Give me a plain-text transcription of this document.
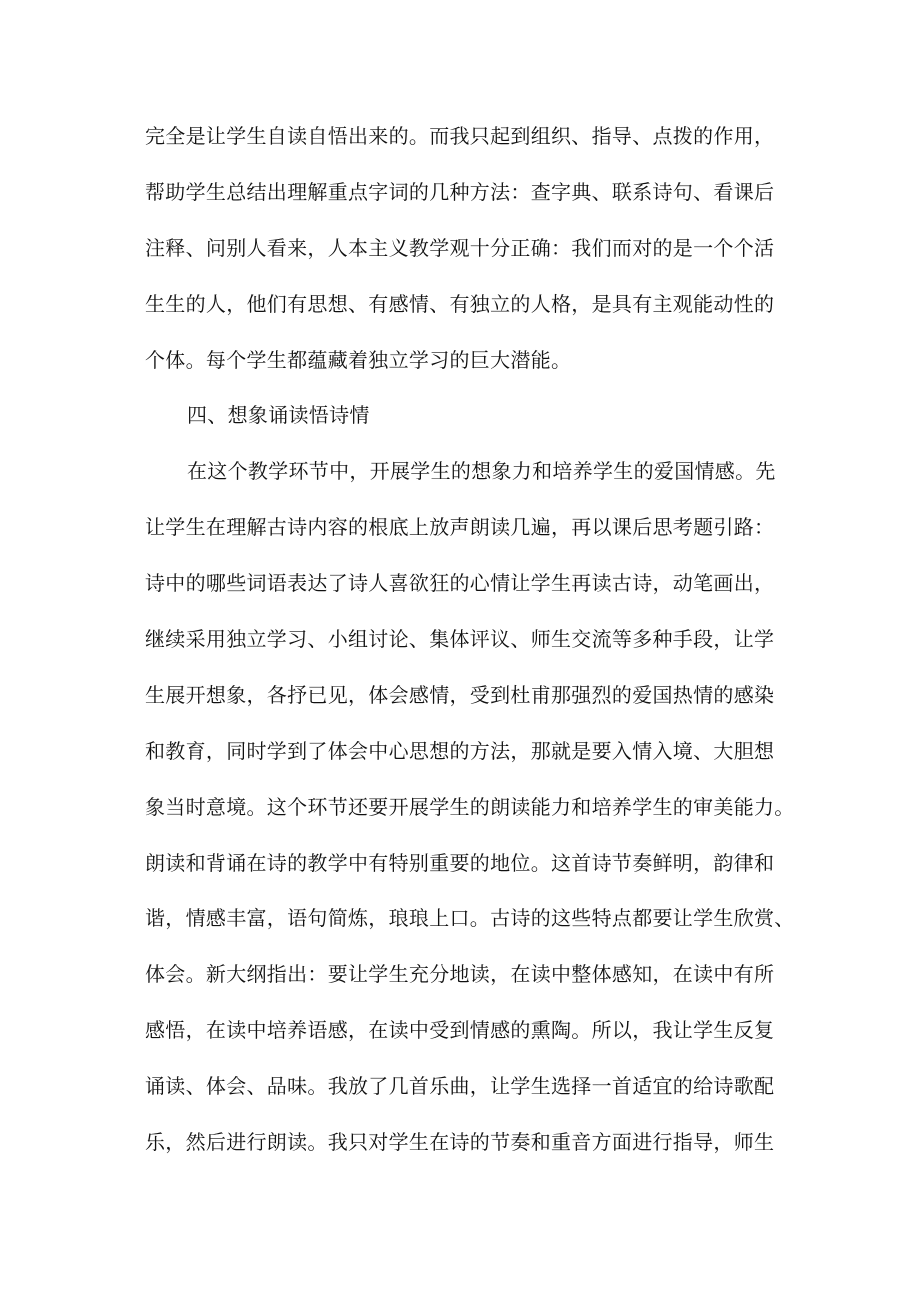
完全是让学生自读自悟出来的。而我只起到组织、指导、点拨的作用，
帮助学生总结出理解重点字词的几种方法：查字典、联系诗句、看课后
注释、问别人看来，人本主义教学观十分正确：我们而对的是一个个活
生生的人，他们有思想、有感情、有独立的人格，是具有主观能动性的
个体。每个学生都蕴藏着独立学习的巨大潜能。
四、想象诵读悟诗情
在这个教学环节中，开展学生的想象力和培养学生的爱国情感。先
让学生在理解古诗内容的根底上放声朗读几遍，再以课后思考题引路：
诗中的哪些词语表达了诗人喜欲狂的心情让学生再读古诗，动笔画出，
继续采用独立学习、小组讨论、集体评议、师生交流等多种手段，让学
生展开想象，各抒已见，体会感情，受到杜甫那强烈的爱国热情的感染
和教育，同时学到了体会中心思想的方法，那就是要入情入境、大胆想
象当时意境。这个环节还要开展学生的朗读能力和培养学生的审美能力。
朗读和背诵在诗的教学中有特别重要的地位。这首诗节奏鲜明，韵律和
谐，情感丰富，语句简炼，琅琅上口。古诗的这些特点都要让学生欣赏、
体会。新大纲指出：要让学生充分地读，在读中整体感知，在读中有所
感悟，在读中培养语感，在读中受到情感的熏陶。所以，我让学生反复
诵读、体会、品味。我放了几首乐曲，让学生选择一首适宜的给诗歌配
乐，然后进行朗读。我只对学生在诗的节奏和重音方面进行指导，师生
